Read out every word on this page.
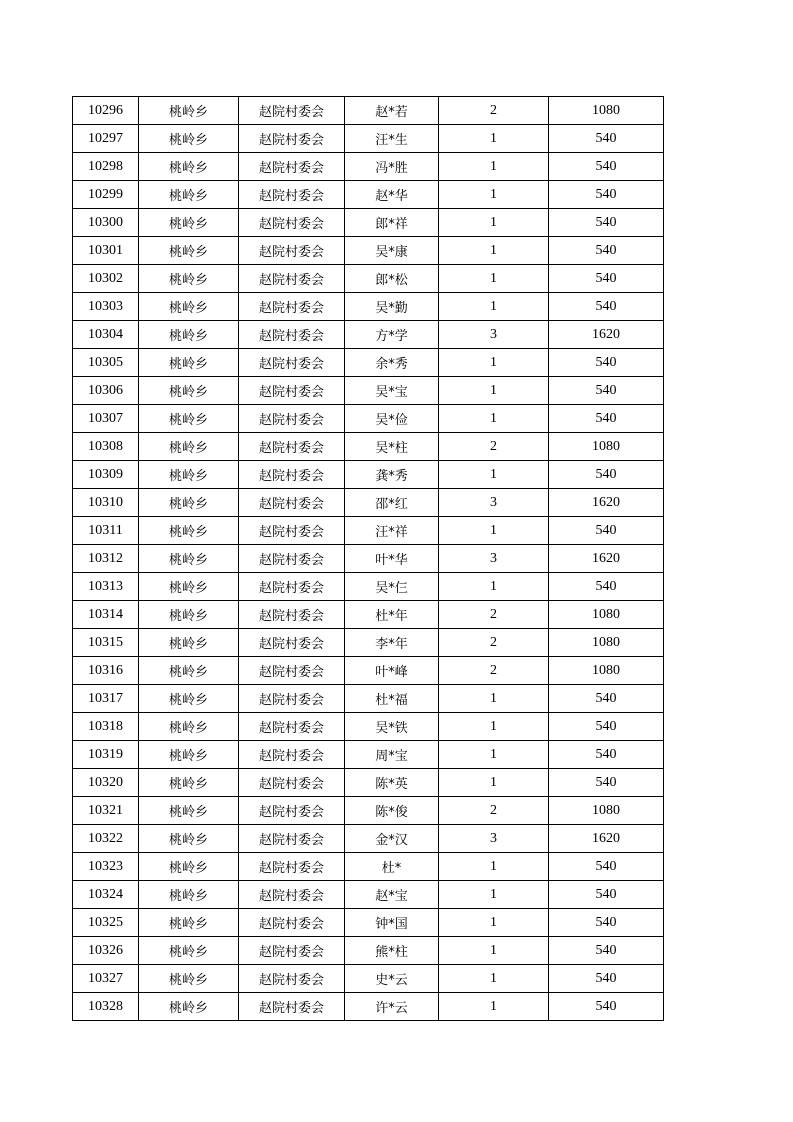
10296	桃岭乡	赵院村委会	赵*若	2	1080
10297	桃岭乡	赵院村委会	汪*生	1	540
10298	桃岭乡	赵院村委会	冯*胜	1	540
10299	桃岭乡	赵院村委会	赵*华	1	540
10300	桃岭乡	赵院村委会	郎*祥	1	540
10301	桃岭乡	赵院村委会	吴*康	1	540
10302	桃岭乡	赵院村委会	郎*松	1	540
10303	桃岭乡	赵院村委会	吴*勤	1	540
10304	桃岭乡	赵院村委会	方*学	3	1620
10305	桃岭乡	赵院村委会	余*秀	1	540
10306	桃岭乡	赵院村委会	吴*宝	1	540
10307	桃岭乡	赵院村委会	吴*俭	1	540
10308	桃岭乡	赵院村委会	吴*柱	2	1080
10309	桃岭乡	赵院村委会	龚*秀	1	540
10310	桃岭乡	赵院村委会	邵*红	3	1620
10311	桃岭乡	赵院村委会	汪*祥	1	540
10312	桃岭乡	赵院村委会	叶*华	3	1620
10313	桃岭乡	赵院村委会	吴*仨	1	540
10314	桃岭乡	赵院村委会	杜*年	2	1080
10315	桃岭乡	赵院村委会	李*年	2	1080
10316	桃岭乡	赵院村委会	叶*峰	2	1080
10317	桃岭乡	赵院村委会	杜*福	1	540
10318	桃岭乡	赵院村委会	吴*铁	1	540
10319	桃岭乡	赵院村委会	周*宝	1	540
10320	桃岭乡	赵院村委会	陈*英	1	540
10321	桃岭乡	赵院村委会	陈*俊	2	1080
10322	桃岭乡	赵院村委会	金*汉	3	1620
10323	桃岭乡	赵院村委会	杜*	1	540
10324	桃岭乡	赵院村委会	赵*宝	1	540
10325	桃岭乡	赵院村委会	钟*国	1	540
10326	桃岭乡	赵院村委会	熊*柱	1	540
10327	桃岭乡	赵院村委会	史*云	1	540
10328	桃岭乡	赵院村委会	许*云	1	540
